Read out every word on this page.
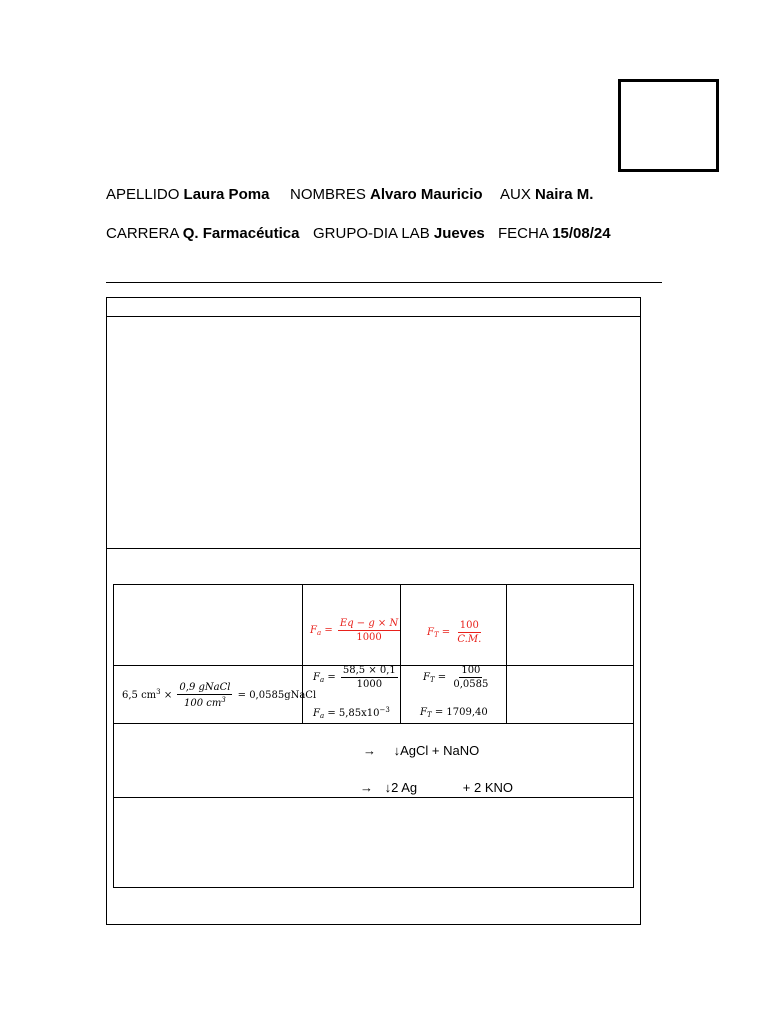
APELLIDO Laura Poma NOMBRES Alvaro Mauricio AUX Naira M.
CARRERA Q. Farmacéutica GRUPO-DIA LAB Jueves FECHA 15/08/24
$F_a = \frac{Eq - g \times N}{1000}$	$F_T = \frac{100}{C.M.}$
6,5 $cm^3 \times \frac{\text{0,9 gNaCl}}{100 cm^3}$ = 0,0585gNaCl
$F_a = \frac{58,5 \times 0,1}{1000}$
$F_a = 5,85x10^{-3}$
$F_T = \frac{100}{0,0585}$
$F_T = 1709,40$
→ ↓AgCl + NaNO
→ ↓2 Ag	+ 2 KNO
